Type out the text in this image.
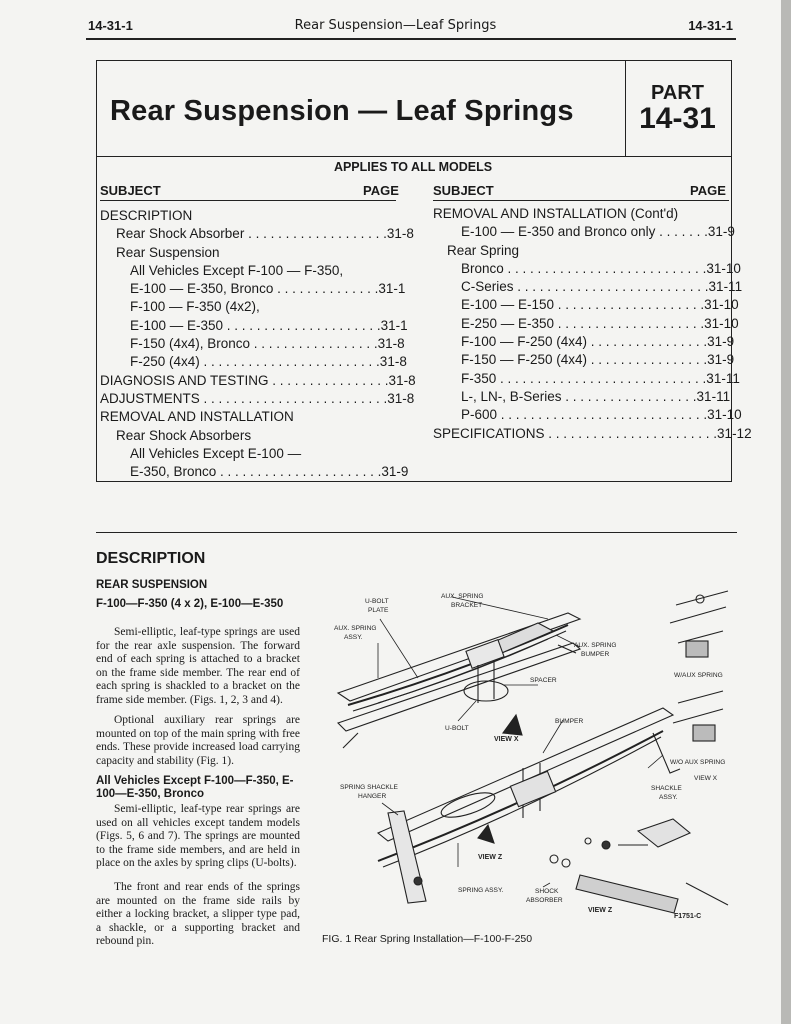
14-31-1	Rear Suspension—Leaf Springs	14-31-1
Rear Suspension — Leaf Springs
PART
14-31
APPLIES TO ALL MODELS
SUBJECT	PAGE	SUBJECT	PAGE
DESCRIPTION
Rear Shock Absorber . . . . . . . . . . . . . . . . . . .31-8
Rear Suspension
All Vehicles Except F-100 — F-350,
E-100 — E-350, Bronco . . . . . . . . . . . . . .31-1
F-100 — F-350 (4x2),
E-100 — E-350 . . . . . . . . . . . . . . . . . . . . .31-1
F-150 (4x4), Bronco . . . . . . . . . . . . . . . . .31-8
F-250 (4x4) . . . . . . . . . . . . . . . . . . . . . . . .31-8
DIAGNOSIS AND TESTING . . . . . . . . . . . . . . . .31-8
ADJUSTMENTS . . . . . . . . . . . . . . . . . . . . . . . . .31-8
REMOVAL AND INSTALLATION
Rear Shock Absorbers
All Vehicles Except E-100 —
E-350, Bronco . . . . . . . . . . . . . . . . . . . . . .31-9
REMOVAL AND INSTALLATION (Cont'd)
E-100 — E-350 and Bronco only . . . . . . .31-9
Rear Spring
Bronco . . . . . . . . . . . . . . . . . . . . . . . . . . .31-10
C-Series . . . . . . . . . . . . . . . . . . . . . . . . . .31-11
E-100 — E-150 . . . . . . . . . . . . . . . . . . . .31-10
E-250 — E-350 . . . . . . . . . . . . . . . . . . . .31-10
F-100 — F-250 (4x4) . . . . . . . . . . . . . . . .31-9
F-150 — F-250 (4x4) . . . . . . . . . . . . . . . .31-9
F-350 . . . . . . . . . . . . . . . . . . . . . . . . . . . .31-11
L-, LN-, B-Series . . . . . . . . . . . . . . . . . .31-11
P-600 . . . . . . . . . . . . . . . . . . . . . . . . . . . .31-10
SPECIFICATIONS . . . . . . . . . . . . . . . . . . . . . . .31-12
DESCRIPTION
REAR SUSPENSION
F-100—F-350 (4 x 2), E-100—E-350
Semi-elliptic, leaf-type springs are used for the rear axle suspension. The forward end of each spring is attached to a bracket on the frame side member. The rear end of each spring is shackled to a bracket on the frame side member. (Figs. 1, 2, 3 and 4).
Optional auxiliary rear springs are mounted on top of the main spring with free ends. These provide increased load carrying capacity and stability (Fig. 1).
All Vehicles Except F-100—F-350, E-100—E-350, Bronco
Semi-elliptic, leaf-type rear springs are used on all vehicles except tandem models (Figs. 5, 6 and 7). The springs are mounted to the frame side members, and are held in place on the axles by spring clips (U-bolts).
The front and rear ends of the springs are mounted on the frame side rails by either a locking bracket, a slipper type pad, a shackle, or a supporting bracket and rebound pin.
U-BOLT
PLATE
AUX. SPRING
BRACKET
AUX. SPRING
ASSY.
AUX. SPRING
BUMPER
SPACER
W/AUX SPRING
U-BOLT
VIEW X
BUMPER
W/O AUX SPRING
VIEW X
SPRING SHACKLE
HANGER
SHACKLE
ASSY.
VIEW Z
SPRING ASSY.	SHOCK
ABSORBER
VIEW Z
F1751-C
FIG. 1 Rear Spring Installation—F-100-F-250
